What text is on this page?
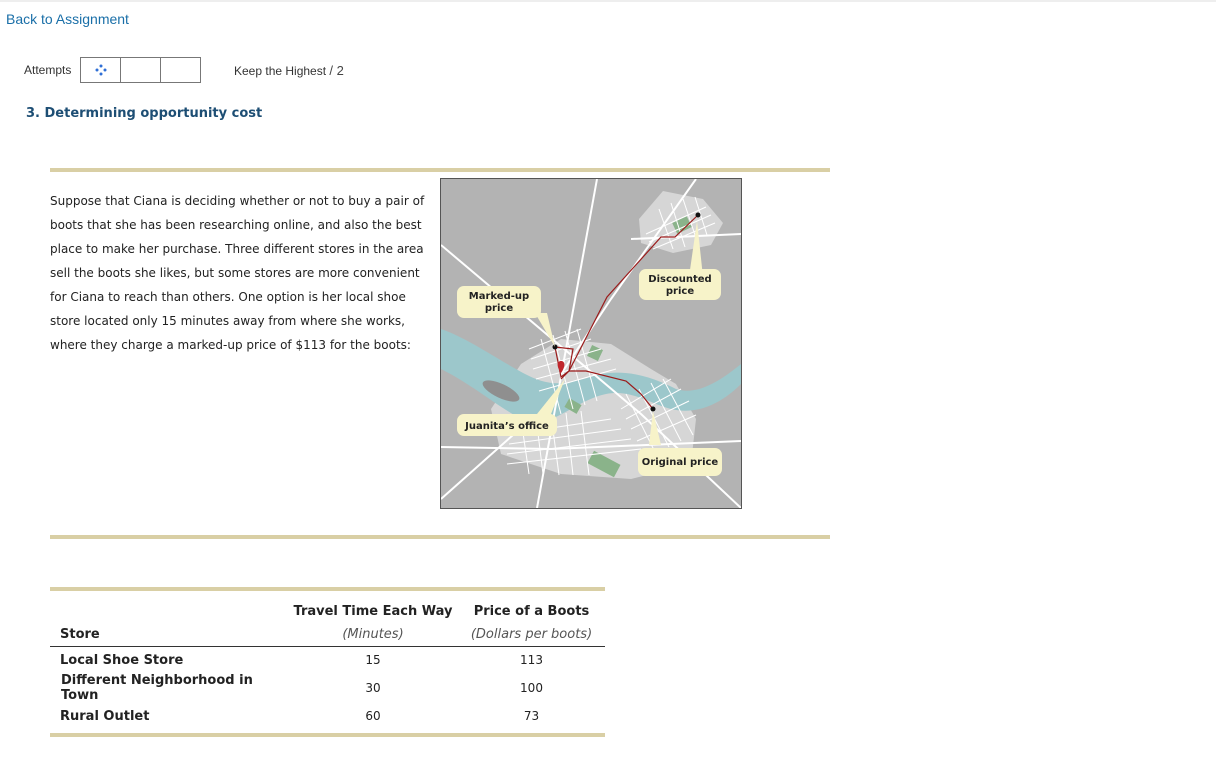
Back to Assignment
Attempts	Keep the Highest / 2
3. Determining opportunity cost

Suppose that Ciana is deciding whether or not to buy a pair of boots that she has been researching online, and also the best place to make her purchase. Three different stores in the area sell the boots she likes, but some stores are more convenient for Ciana to reach than others. One option is her local shoe store located only 15 minutes away from where she works, where they charge a marked-up price of $113 for the boots:

Discounted
price
Marked-up
price
Juanita’s office
Original price
	Travel Time Each Way	Price of a Boots
Store	(Minutes)	(Dollars per boots)
Local Shoe Store	15	113
Different Neighborhood in Town	30	100
Rural Outlet	60	73
